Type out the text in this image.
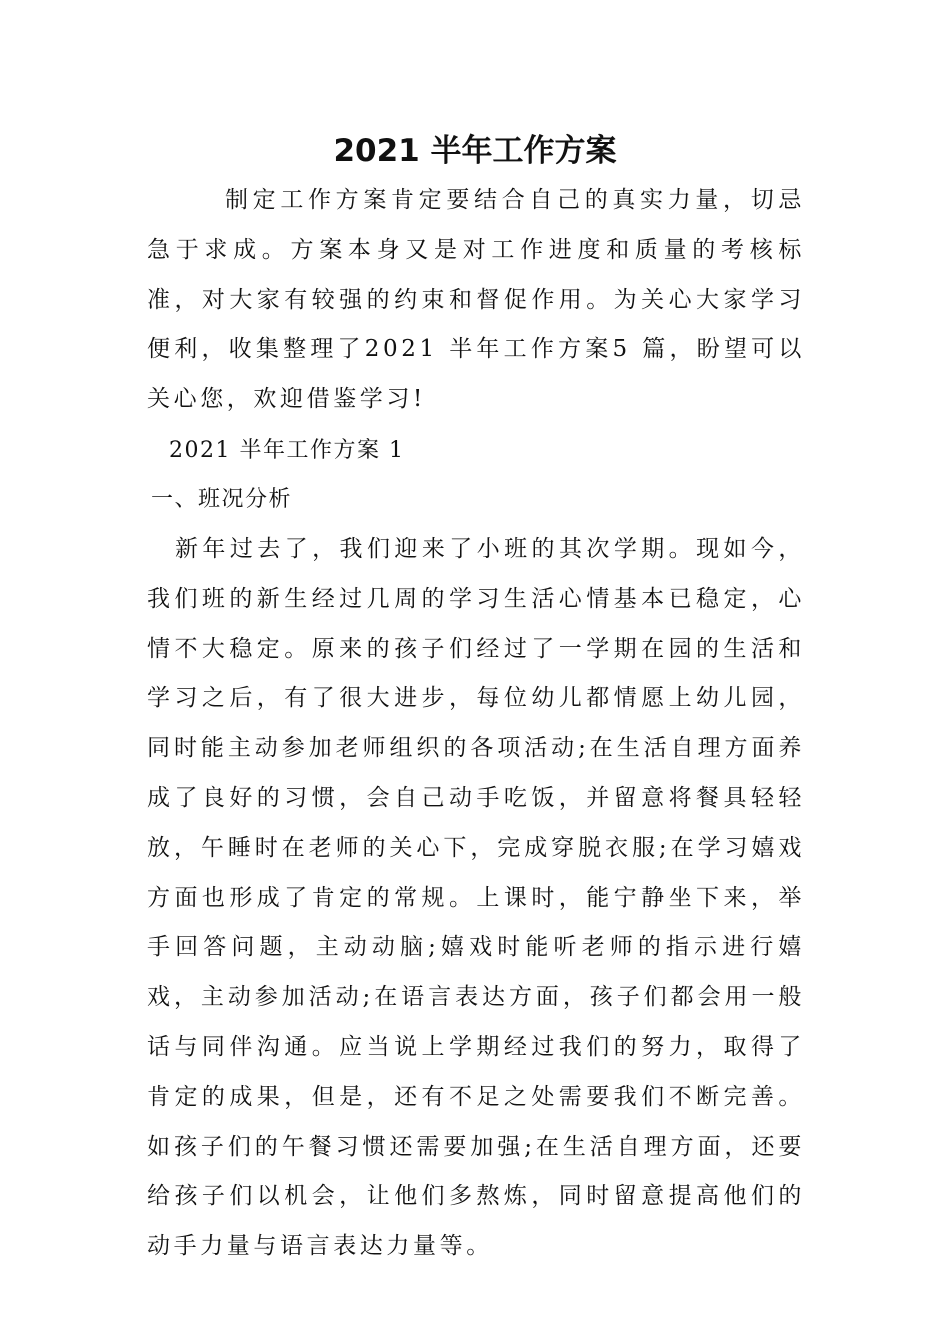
2021 半年工作方案

制定工作方案肯定要结合自己的真实力量，切忌急于求成。方案本身又是对工作进度和质量的考核标准，对大家有较强的约束和督促作用。为关心大家学习便利，收集整理了2021 半年工作方案5 篇，盼望可以关心您，欢迎借鉴学习!

2021 半年工作方案 1

一、班况分析

新年过去了，我们迎来了小班的其次学期。现如今，我们班的新生经过几周的学习生活心情基本已稳定，心情不大稳定。原来的孩子们经过了一学期在园的生活和学习之后，有了很大进步，每位幼儿都情愿上幼儿园，同时能主动参加老师组织的各项活动;在生活自理方面养成了良好的习惯，会自己动手吃饭，并留意将餐具轻轻放，午睡时在老师的关心下，完成穿脱衣服;在学习嬉戏方面也形成了肯定的常规。上课时，能宁静坐下来，举手回答问题，主动动脑;嬉戏时能听老师的指示进行嬉戏，主动参加活动;在语言表达方面，孩子们都会用一般话与同伴沟通。应当说上学期经过我们的努力，取得了肯定的成果，但是，还有不足之处需要我们不断完善。如孩子们的午餐习惯还需要加强;在生活自理方面，还要给孩子们以机会，让他们多熬炼，同时留意提高他们的动手力量与语言表达力量等。
